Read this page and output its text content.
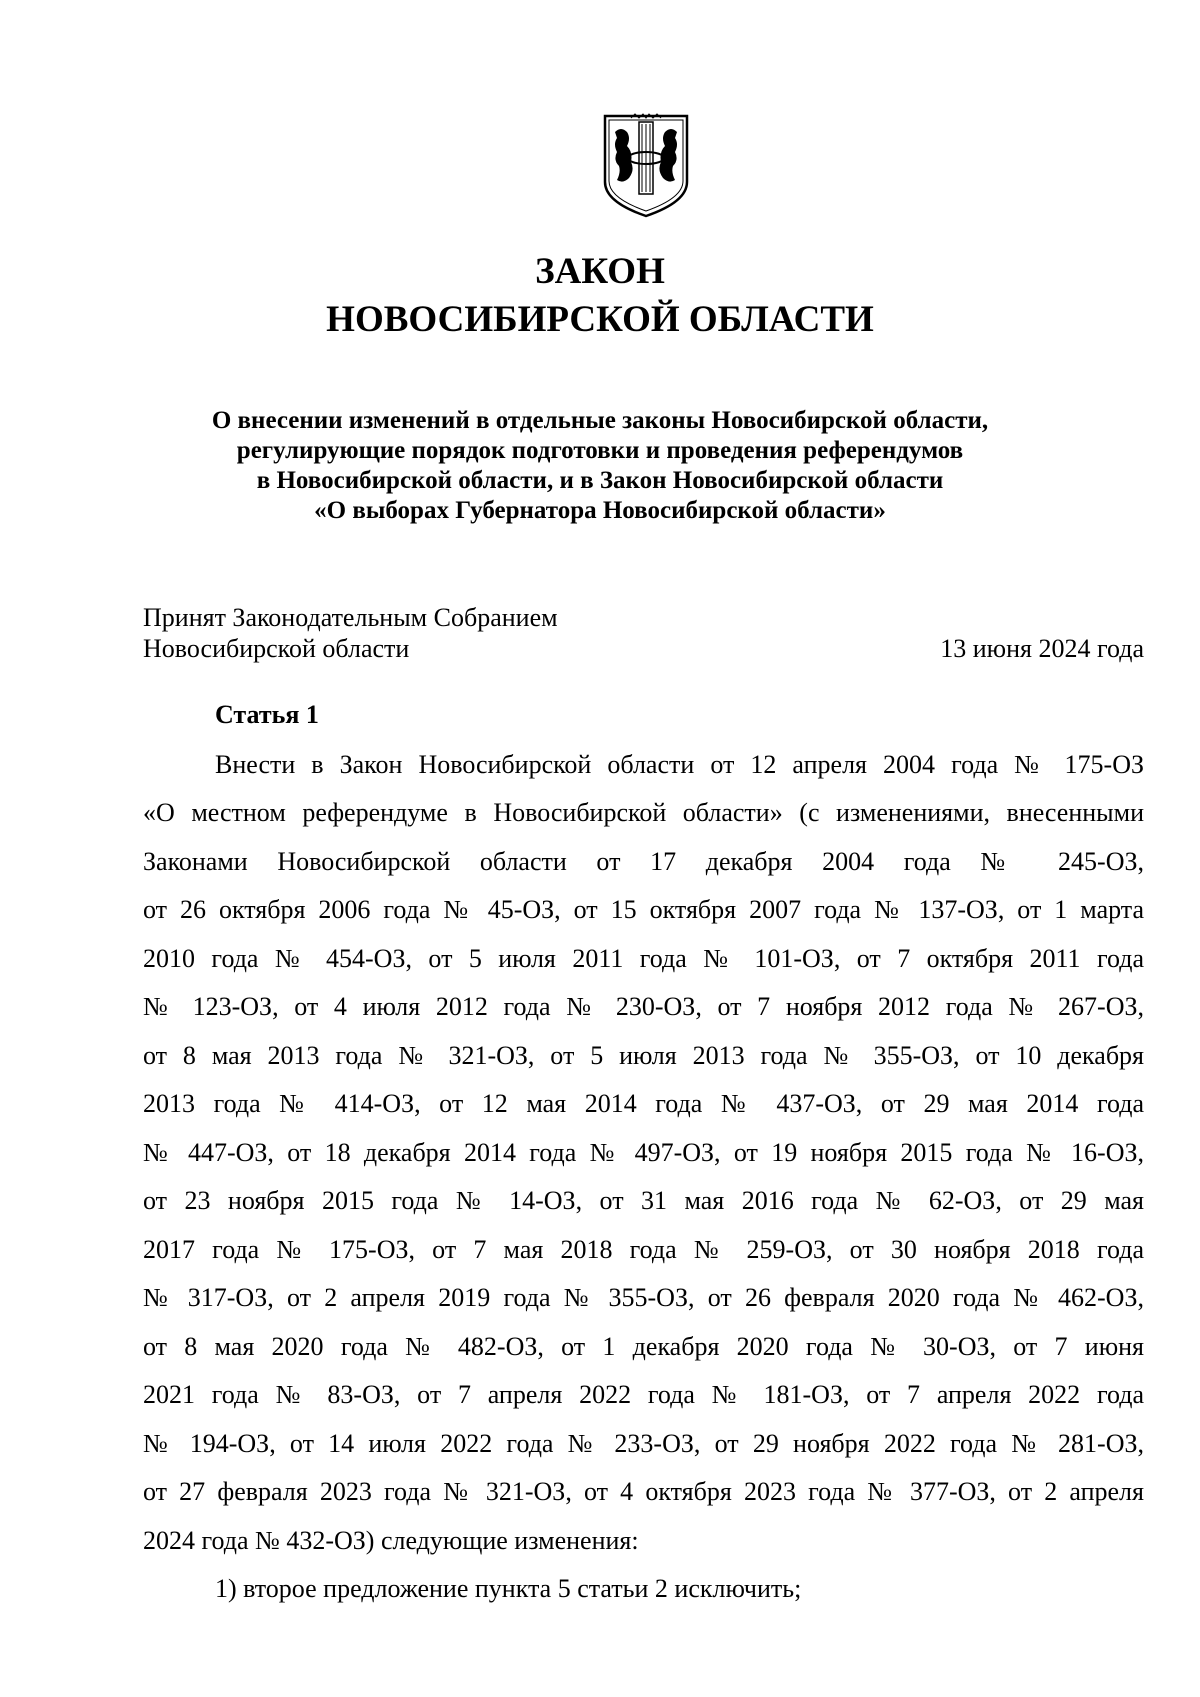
ЗАКОН
НОВОСИБИРСКОЙ ОБЛАСТИ
О внесении изменений в отдельные законы Новосибирской области,
регулирующие порядок подготовки и проведения референдумов
в Новосибирской области, и в Закон Новосибирской области
«О выборах Губернатора Новосибирской области»
Принят Законодательным Собранием
Новосибирской области	13 июня 2024 года
Статья 1
Внести в Закон Новосибирской области от 12 апреля 2004 года № 175-ОЗ
«О местном референдуме в Новосибирской области» (с изменениями, внесенными
Законами Новосибирской области от 17 декабря 2004 года № 245-ОЗ,
от 26 октября 2006 года № 45-ОЗ, от 15 октября 2007 года № 137-ОЗ, от 1 марта
2010 года № 454-ОЗ, от 5 июля 2011 года № 101-ОЗ, от 7 октября 2011 года
№ 123-ОЗ, от 4 июля 2012 года № 230-ОЗ, от 7 ноября 2012 года № 267-ОЗ,
от 8 мая 2013 года № 321-ОЗ, от 5 июля 2013 года № 355-ОЗ, от 10 декабря
2013 года № 414-ОЗ, от 12 мая 2014 года № 437-ОЗ, от 29 мая 2014 года
№ 447-ОЗ, от 18 декабря 2014 года № 497-ОЗ, от 19 ноября 2015 года № 16-ОЗ,
от 23 ноября 2015 года № 14-ОЗ, от 31 мая 2016 года № 62-ОЗ, от 29 мая
2017 года № 175-ОЗ, от 7 мая 2018 года № 259-ОЗ, от 30 ноября 2018 года
№ 317-ОЗ, от 2 апреля 2019 года № 355-ОЗ, от 26 февраля 2020 года № 462-ОЗ,
от 8 мая 2020 года № 482-ОЗ, от 1 декабря 2020 года № 30-ОЗ, от 7 июня
2021 года № 83-ОЗ, от 7 апреля 2022 года № 181-ОЗ, от 7 апреля 2022 года
№ 194-ОЗ, от 14 июля 2022 года № 233-ОЗ, от 29 ноября 2022 года № 281-ОЗ,
от 27 февраля 2023 года № 321-ОЗ, от 4 октября 2023 года № 377-ОЗ, от 2 апреля
2024 года № 432-ОЗ) следующие изменения:
1) второе предложение пункта 5 статьи 2 исключить;
